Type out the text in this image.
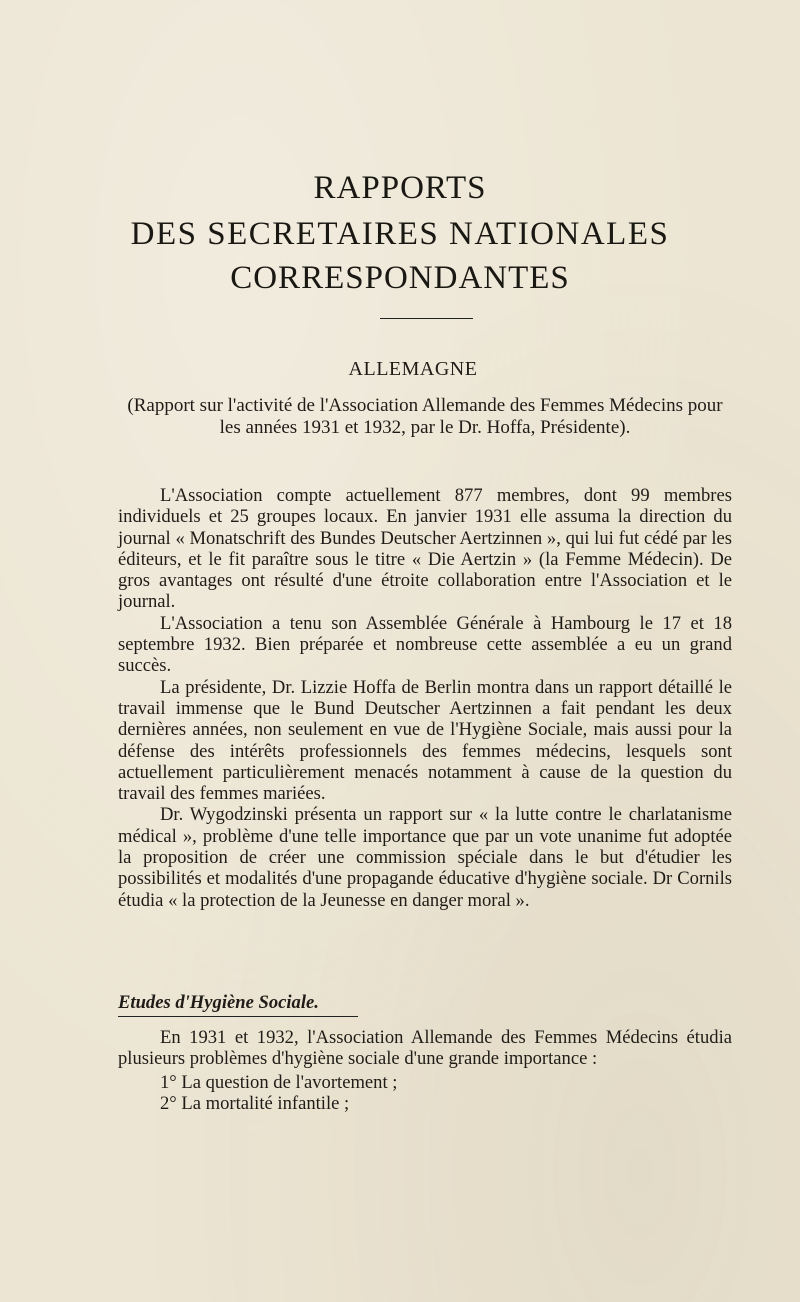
RAPPORTS
DES SECRETAIRES NATIONALES
CORRESPONDANTES
ALLEMAGNE

(Rapport sur l'activité de l'Association Allemande des Femmes Médecins pour les années 1931 et 1932, par le Dr. Hoffa, Présidente).

L'Association compte actuellement 877 membres, dont 99 membres individuels et 25 groupes locaux. En janvier 1931 elle assuma la direction du journal « Monatschrift des Bundes Deutscher Aertzinnen », qui lui fut cédé par les éditeurs, et le fit paraître sous le titre « Die Aertzin » (la Femme Médecin). De gros avantages ont résulté d'une étroite collaboration entre l'Association et le journal.

L'Association a tenu son Assemblée Générale à Hambourg le 17 et 18 septembre 1932. Bien préparée et nombreuse cette assemblée a eu un grand succès.

La présidente, Dr. Lizzie Hoffa de Berlin montra dans un rapport détaillé le travail immense que le Bund Deutscher Aertzinnen a fait pendant les deux dernières années, non seulement en vue de l'Hygiène Sociale, mais aussi pour la défense des intérêts professionnels des femmes médecins, lesquels sont actuellement particulièrement menacés notamment à cause de la question du travail des femmes mariées.

Dr. Wygodzinski présenta un rapport sur « la lutte contre le charlatanisme médical », problème d'une telle importance que par un vote unanime fut adoptée la proposition de créer une commission spéciale dans le but d'étudier les possibilités et modalités d'une propagande éducative d'hygiène sociale. Dr Cornils étudia « la protection de la Jeunesse en danger moral ».

Etudes d'Hygiène Sociale.

En 1931 et 1932, l'Association Allemande des Femmes Médecins étudia plusieurs problèmes d'hygiène sociale d'une grande importance :

1° La question de l'avortement ;
2° La mortalité infantile ;
